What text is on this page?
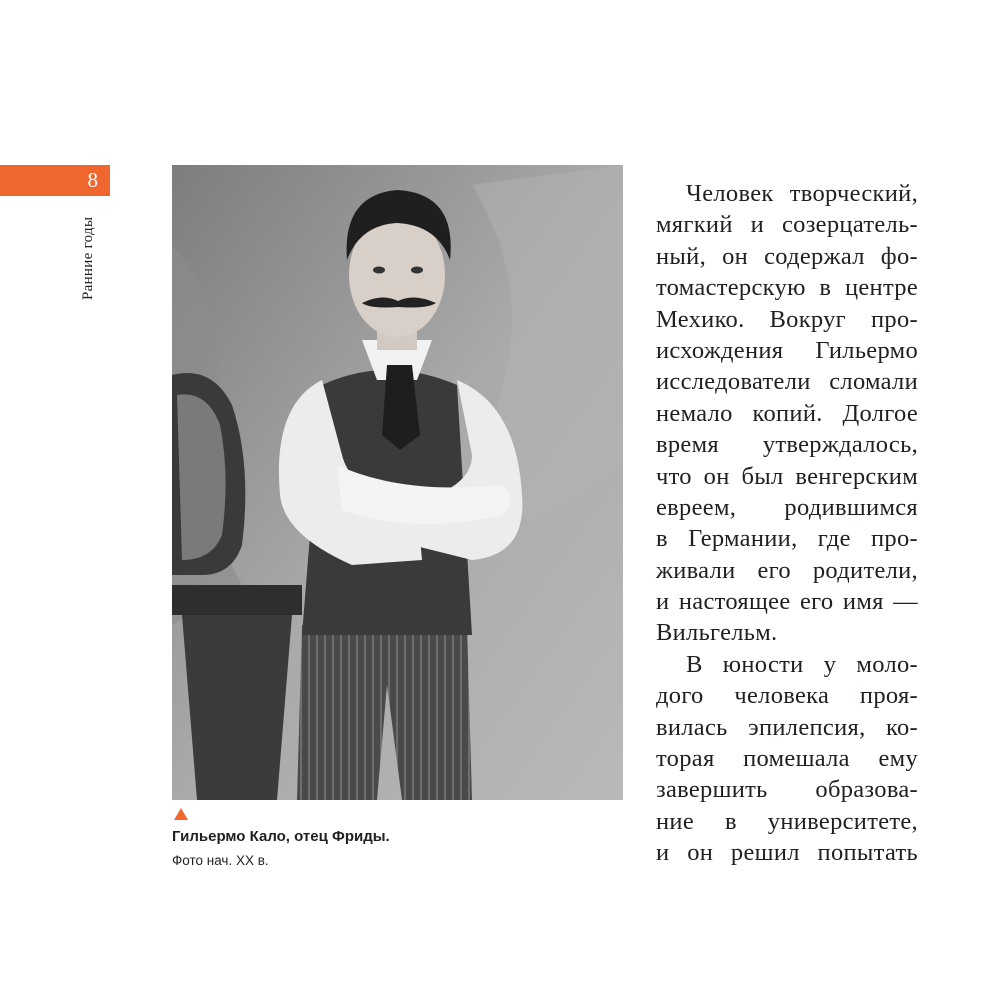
8
Ранние годы
Гильермо Кало, отец Фриды.
Фото нач. XX в.
Человек творческий,
мягкий и созерцатель-
ный, он содержал фо-
томастерскую в центре
Мехико. Вокруг про-
исхождения Гильермо
исследователи сломали
немало копий. Долгое
время утверждалось,
что он был венгерским
евреем, родившимся
в Германии, где про-
живали его родители,
и настоящее его имя —
Вильгельм.
В юности у моло-
дого человека проя-
вилась эпилепсия, ко-
торая помешала ему
завершить образова-
ние в университете,
и он решил попытать
